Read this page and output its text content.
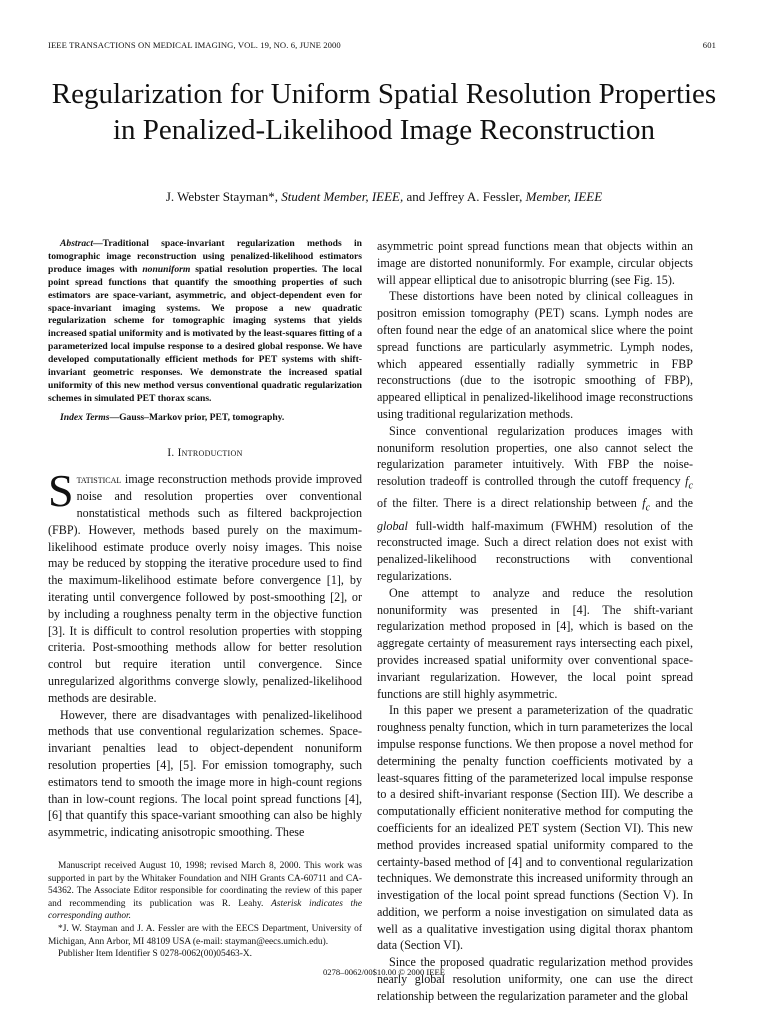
IEEE TRANSACTIONS ON MEDICAL IMAGING, VOL. 19, NO. 6, JUNE 2000	601
Regularization for Uniform Spatial Resolution Properties in Penalized-Likelihood Image Reconstruction
J. Webster Stayman*, Student Member, IEEE, and Jeffrey A. Fessler, Member, IEEE

Abstract—Traditional space-invariant regularization methods in tomographic image reconstruction using penalized-likelihood estimators produce images with nonuniform spatial resolution properties. The local point spread functions that quantify the smoothing properties of such estimators are space-variant, asymmetric, and object-dependent even for space-invariant imaging systems. We propose a new quadratic regularization scheme for tomographic imaging systems that yields increased spatial uniformity and is motivated by the least-squares fitting of a parameterized local impulse response to a desired global response. We have developed computationally efficient methods for PET systems with shift-invariant geometric responses. We demonstrate the increased spatial uniformity of this new method versus conventional quadratic regularization schemes in simulated PET thorax scans.

Index Terms—Gauss–Markov prior, PET, tomography.

I. Introduction

Statistical image reconstruction methods provide improved noise and resolution properties over conventional nonstatistical methods such as filtered backprojection (FBP). However, methods based purely on the maximum-likelihood estimate produce overly noisy images. This noise may be reduced by stopping the iterative procedure used to find the maximum-likelihood estimate before convergence [1], by iterating until convergence followed by post-smoothing [2], or by including a roughness penalty term in the objective function [3]. It is difficult to control resolution properties with stopping criteria. Post-smoothing methods allow for better resolution control but require iteration until convergence. Since unregularized algorithms converge slowly, penalized-likelihood methods are desirable.

However, there are disadvantages with penalized-likelihood methods that use conventional regularization schemes. Space-invariant penalties lead to object-dependent nonuniform resolution properties [4], [5]. For emission tomography, such estimators tend to smooth the image more in high-count regions than in low-count regions. The local point spread functions [4], [6] that quantify this space-variant smoothing can also be highly asymmetric, indicating anisotropic smoothing. These

Manuscript received August 10, 1998; revised March 8, 2000. This work was supported in part by the Whitaker Foundation and NIH Grants CA-60711 and CA-54362. The Associate Editor responsible for coordinating the review of this paper and recommending its publication was R. Leahy. Asterisk indicates the corresponding author.

*J. W. Stayman and J. A. Fessler are with the EECS Department, University of Michigan, Ann Arbor, MI 48109 USA (e-mail: stayman@eecs.umich.edu).

Publisher Item Identifier S 0278-0062(00)05463-X.

asymmetric point spread functions mean that objects within an image are distorted nonuniformly. For example, circular objects will appear elliptical due to anisotropic blurring (see Fig. 15).

These distortions have been noted by clinical colleagues in positron emission tomography (PET) scans. Lymph nodes are often found near the edge of an anatomical slice where the point spread functions are particularly asymmetric. Lymph nodes, which appeared essentially radially symmetric in FBP reconstructions (due to the isotropic smoothing of FBP), appeared elliptical in penalized-likelihood image reconstructions using traditional regularization methods.

Since conventional regularization produces images with nonuniform resolution properties, one also cannot select the regularization parameter intuitively. With FBP the noise-resolution tradeoff is controlled through the cutoff frequency $f_c$ of the filter. There is a direct relationship between $f_c$ and the global full-width half-maximum (FWHM) resolution of the reconstructed image. Such a direct relation does not exist with penalized-likelihood reconstructions with conventional regularizations.

One attempt to analyze and reduce the resolution nonuniformity was presented in [4]. The shift-variant regularization method proposed in [4], which is based on the aggregate certainty of measurement rays intersecting each pixel, provides increased spatial uniformity over conventional space-invariant regularization. However, the local point spread functions are still highly asymmetric.

In this paper we present a parameterization of the quadratic roughness penalty function, which in turn parameterizes the local impulse response functions. We then propose a novel method for determining the penalty function coefficients motivated by a least-squares fitting of the parameterized local impulse response to a desired shift-invariant response (Section III). We describe a computationally efficient noniterative method for computing the coefficients for an idealized PET system (Section VI). This new method provides increased spatial uniformity compared to the certainty-based method of [4] and to conventional regularization techniques. We demonstrate this increased uniformity through an investigation of the local point spread functions (Section V). In addition, we perform a noise investigation on simulated data as well as a qualitative investigation using digital thorax phantom data (Section VI).

Since the proposed quadratic regularization method provides nearly global resolution uniformity, one can use the direct relationship between the regularization parameter and the global

0278–0062/00$10.00 © 2000 IEEE
